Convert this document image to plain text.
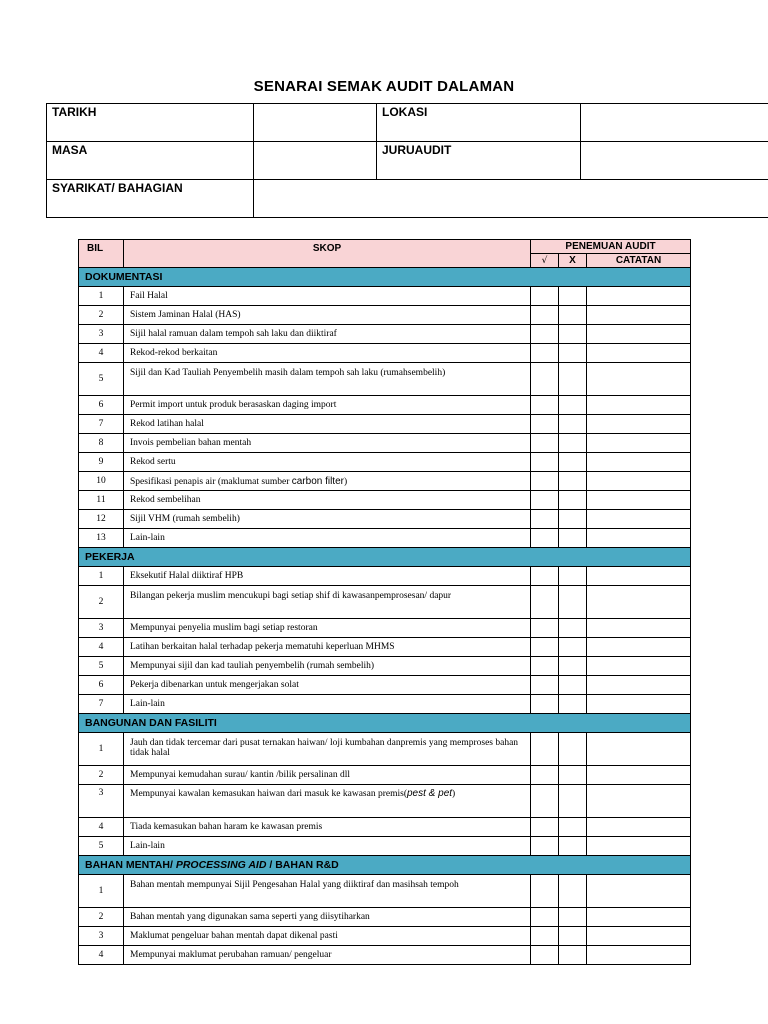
SENARAI SEMAK AUDIT DALAMAN
TARIKH		LOKASI	
MASA		JURUAUDIT	
SYARIKAT/ BAHAGIAN			
BIL	SKOP	PENEMUAN AUDIT		
		√	X	CATATAN
DOKUMENTASI				
1	Fail Halal			
2	Sistem Jaminan Halal (HAS)			
3	Sijil halal ramuan dalam tempoh sah laku dan diiktiraf			
4	Rekod-rekod berkaitan			
5	Sijil dan Kad Tauliah Penyembelih masih dalam tempoh sah laku (rumahsembelih)			
6	Permit import untuk produk berasaskan daging import			
7	Rekod latihan halal			
8	Invois pembelian bahan mentah			
9	Rekod sertu			
10	Spesifikasi penapis air (maklumat sumber carbon filter)			
11	Rekod sembelihan			
12	Sijil VHM (rumah sembelih)			
13	Lain-lain			
PEKERJA				
1	Eksekutif Halal diiktiraf HPB			
2	Bilangan pekerja muslim mencukupi bagi setiap shif di kawasanpemprosesan/ dapur			
3	Mempunyai penyelia muslim bagi setiap restoran			
4	Latihan berkaitan halal terhadap pekerja mematuhi keperluan MHMS			
5	Mempunyai sijil dan kad tauliah penyembelih (rumah sembelih)			
6	Pekerja dibenarkan untuk mengerjakan solat			
7	Lain-lain			
BANGUNAN DAN FASILITI				
1	Jauh dan tidak tercemar dari pusat ternakan haiwan/ loji kumbahan danpremis yang memproses bahan tidak halal			
2	Mempunyai kemudahan surau/ kantin /bilik persalinan dll			
3	Mempunyai kawalan kemasukan haiwan dari masuk ke kawasan premis(pest & pet)			
4	Tiada kemasukan bahan haram ke kawasan premis			
5	Lain-lain			
BAHAN MENTAH/ PROCESSING AID / BAHAN R&D				
1	Bahan mentah mempunyai Sijil Pengesahan Halal yang diiktiraf dan masihsah tempoh			
2	Bahan mentah yang digunakan sama seperti yang diisytiharkan			
3	Maklumat pengeluar bahan mentah dapat dikenal pasti			
4	Mempunyai maklumat perubahan ramuan/ pengeluar			
